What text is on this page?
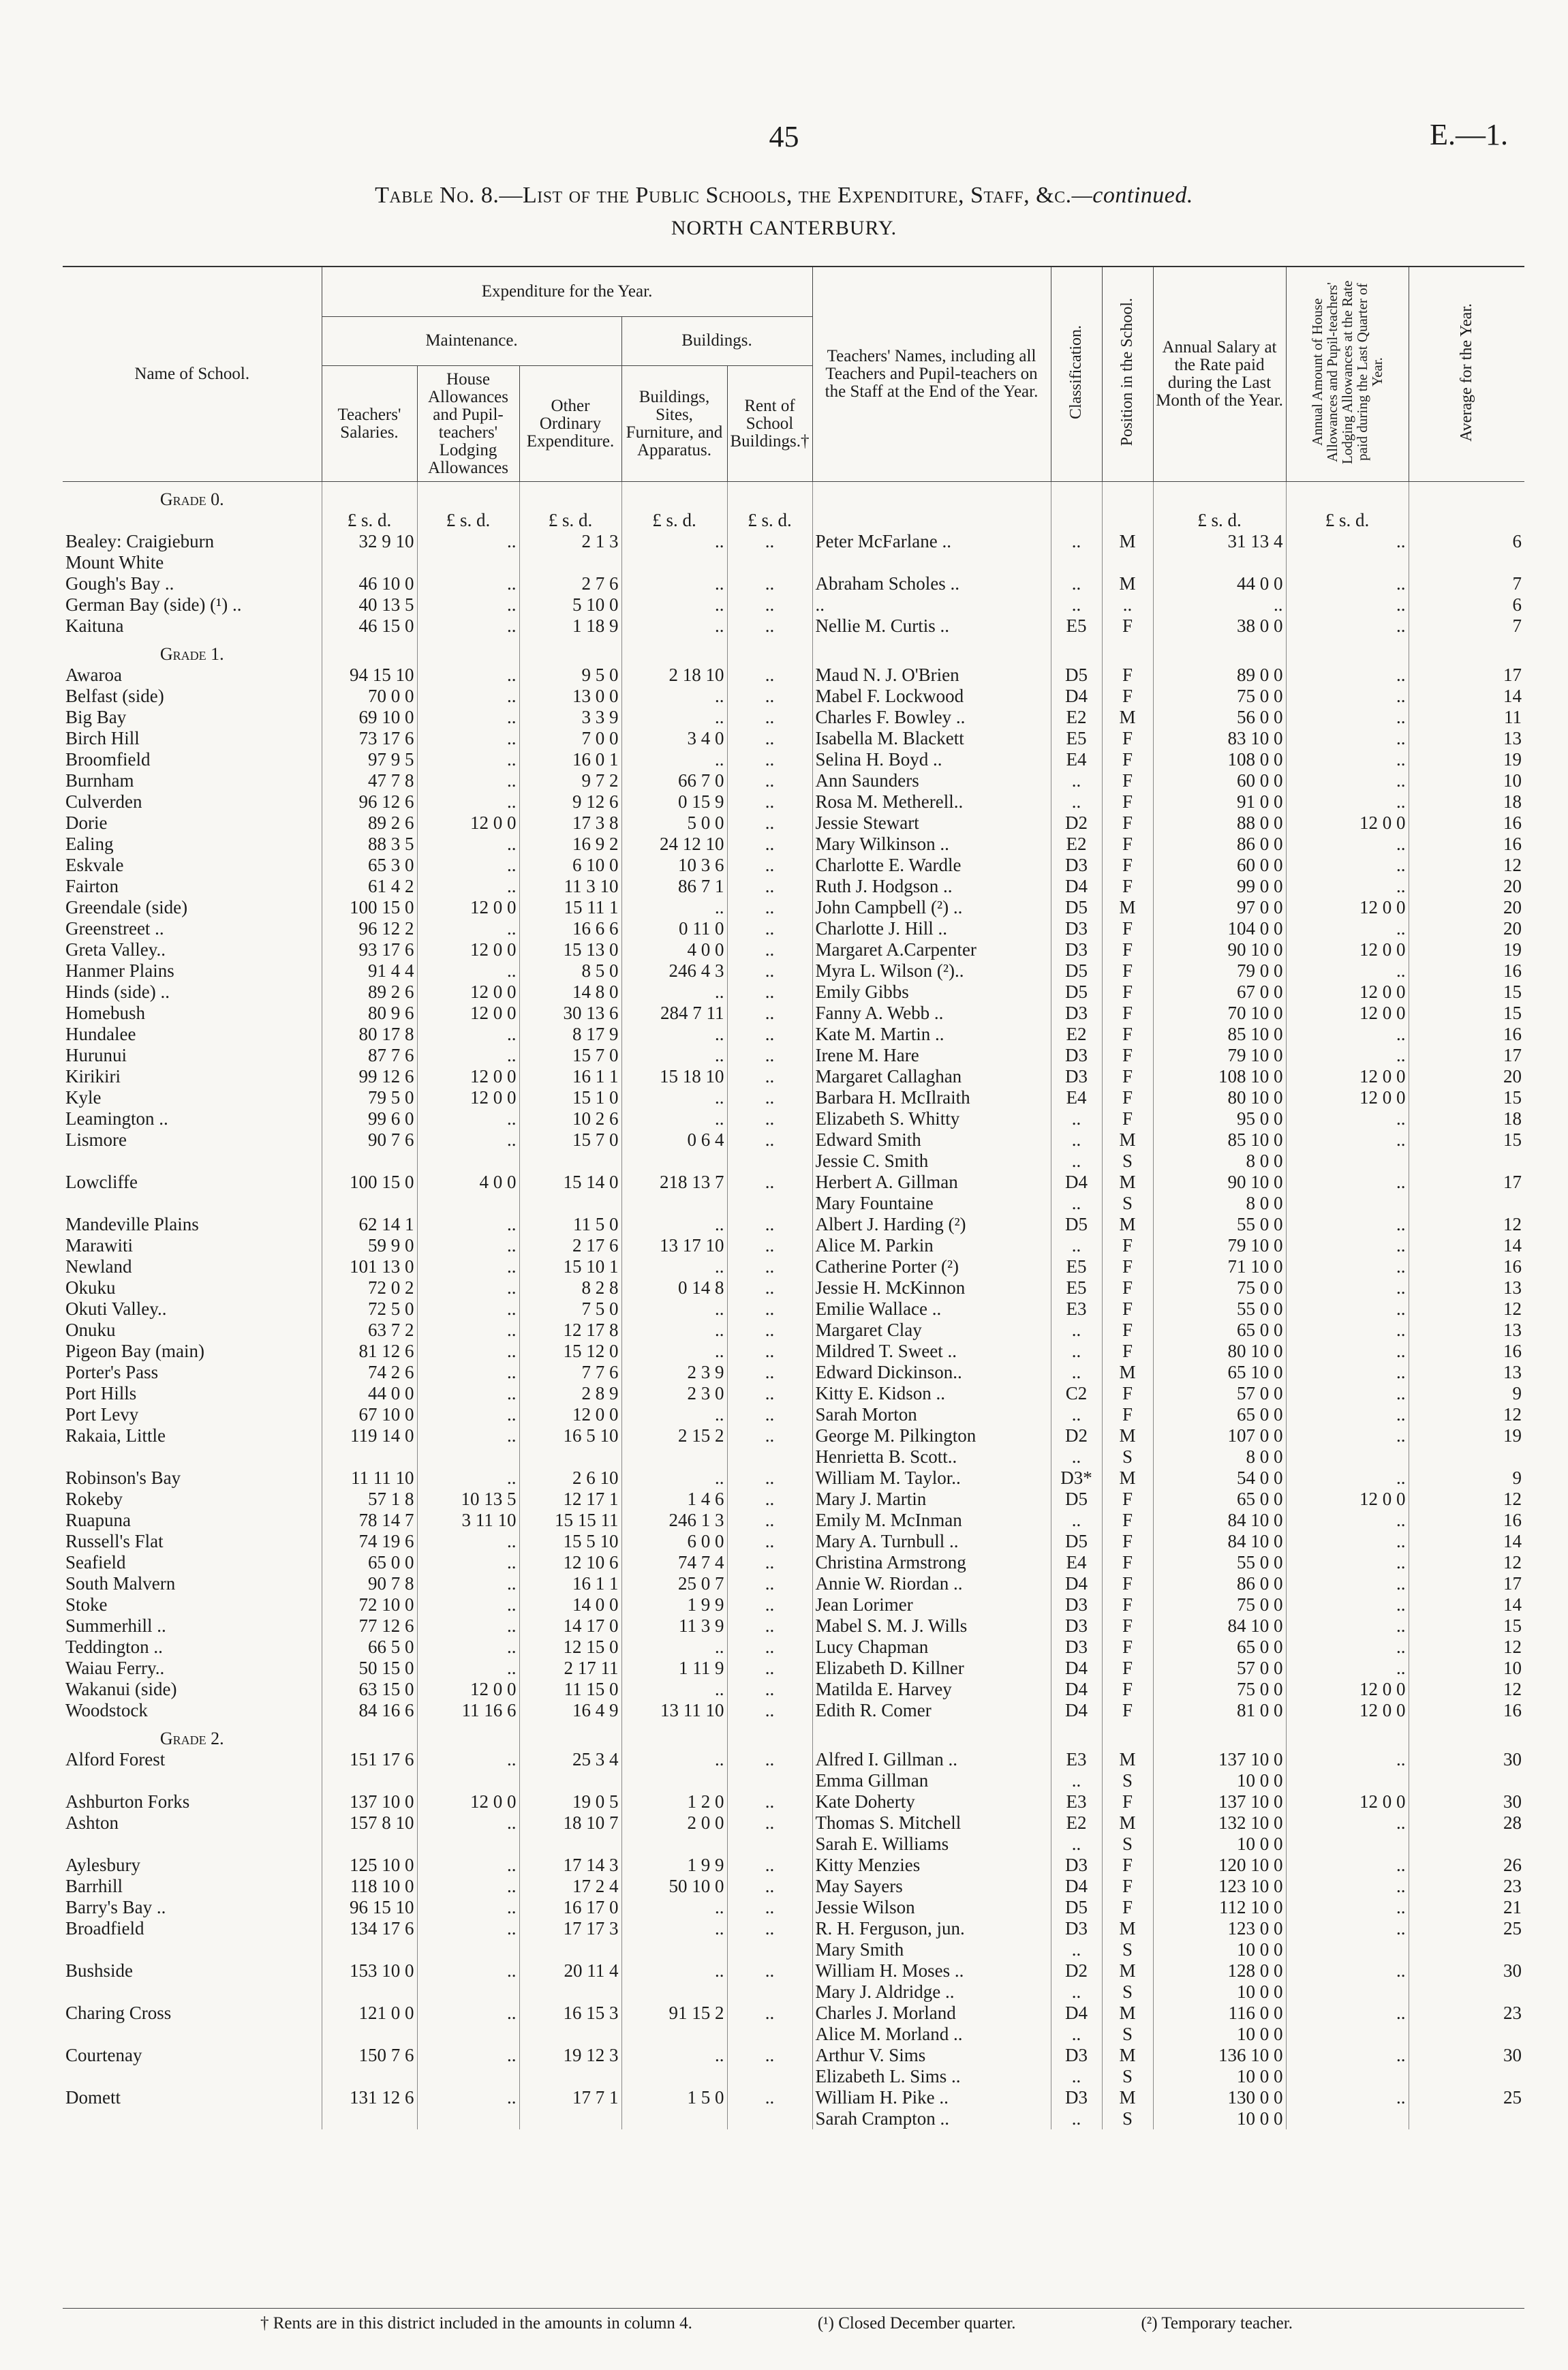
45	E.—1.
Table No. 8.—List of the Public Schools, the Expenditure, Staff, &c.—continued.
NORTH CANTERBURY.
Name of School.	Expenditure for the Year.					Teachers' Names, including all Teachers and Pupil-teachers on the Staff at the End of the Year.	Classification.	Position in the School.	Annual Salary at the Rate paid during the Last Month of the Year.	Annual Amount of House Allowances and Pupil-teachers' Lodging Allowances at the Rate paid during the Last Quarter of Year.	Average for the Year.
	Maintenance.			Buildings.							
	Teachers' Salaries.	House Allowances and Pupil-teachers' Lodging Allowances	Other Ordinary Expenditure.	Buildings, Sites, Furniture, and Apparatus.	Rent of School Buildings.†						
Grade 0.											
	£ s. d.	£ s. d.	£ s. d.	£ s. d.	£ s. d.				£ s. d.	£ s. d.	
Bealey: Craigieburn	32 9 10	..	2 1 3	..	..	Peter McFarlane ..	..	M	31 13 4	..	6
Mount White											
Gough's Bay ..	46 10 0	..	2 7 6	..	..	Abraham Scholes ..	..	M	44 0 0	..	7
German Bay (side) (¹) ..	40 13 5	..	5 10 0	..	..	..	..	..	..	..	6
Kaituna	46 15 0	..	1 18 9	..	..	Nellie M. Curtis ..	E5	F	38 0 0	..	7
Grade 1.											
Awaroa	94 15 10	..	9 5 0	2 18 10	..	Maud N. J. O'Brien	D5	F	89 0 0	..	17
Belfast (side)	70 0 0	..	13 0 0	..	..	Mabel F. Lockwood	D4	F	75 0 0	..	14
Big Bay	69 10 0	..	3 3 9	..	..	Charles F. Bowley ..	E2	M	56 0 0	..	11
Birch Hill	73 17 6	..	7 0 0	3 4 0	..	Isabella M. Blackett	E5	F	83 10 0	..	13
Broomfield	97 9 5	..	16 0 1	..	..	Selina H. Boyd ..	E4	F	108 0 0	..	19
Burnham	47 7 8	..	9 7 2	66 7 0	..	Ann Saunders	..	F	60 0 0	..	10
Culverden	96 12 6	..	9 12 6	0 15 9	..	Rosa M. Metherell..	..	F	91 0 0	..	18
Dorie	89 2 6	12 0 0	17 3 8	5 0 0	..	Jessie Stewart	D2	F	88 0 0	12 0 0	16
Ealing	88 3 5	..	16 9 2	24 12 10	..	Mary Wilkinson ..	E2	F	86 0 0	..	16
Eskvale	65 3 0	..	6 10 0	10 3 6	..	Charlotte E. Wardle	D3	F	60 0 0	..	12
Fairton	61 4 2	..	11 3 10	86 7 1	..	Ruth J. Hodgson ..	D4	F	99 0 0	..	20
Greendale (side)	100 15 0	12 0 0	15 11 1	..	..	John Campbell (²) ..	D5	M	97 0 0	12 0 0	20
Greenstreet ..	96 12 2	..	16 6 6	0 11 0	..	Charlotte J. Hill ..	D3	F	104 0 0	..	20
Greta Valley..	93 17 6	12 0 0	15 13 0	4 0 0	..	Margaret A.Carpenter	D3	F	90 10 0	12 0 0	19
Hanmer Plains	91 4 4	..	8 5 0	246 4 3	..	Myra L. Wilson (²)..	D5	F	79 0 0	..	16
Hinds (side) ..	89 2 6	12 0 0	14 8 0	..	..	Emily Gibbs	D5	F	67 0 0	12 0 0	15
Homebush	80 9 6	12 0 0	30 13 6	284 7 11	..	Fanny A. Webb ..	D3	F	70 10 0	12 0 0	15
Hundalee	80 17 8	..	8 17 9	..	..	Kate M. Martin ..	E2	F	85 10 0	..	16
Hurunui	87 7 6	..	15 7 0	..	..	Irene M. Hare	D3	F	79 10 0	..	17
Kirikiri	99 12 6	12 0 0	16 1 1	15 18 10	..	Margaret Callaghan	D3	F	108 10 0	12 0 0	20
Kyle	79 5 0	12 0 0	15 1 0	..	..	Barbara H. McIlraith	E4	F	80 10 0	12 0 0	15
Leamington ..	99 6 0	..	10 2 6	..	..	Elizabeth S. Whitty	..	F	95 0 0	..	18
Lismore	90 7 6	..	15 7 0	0 6 4	..	Edward Smith	..	M	85 10 0	..	15
						Jessie C. Smith	..	S	8 0 0		
Lowcliffe	100 15 0	4 0 0	15 14 0	218 13 7	..	Herbert A. Gillman	D4	M	90 10 0	..	17
						Mary Fountaine	..	S	8 0 0		
Mandeville Plains	62 14 1	..	11 5 0	..	..	Albert J. Harding (²)	D5	M	55 0 0	..	12
Marawiti	59 9 0	..	2 17 6	13 17 10	..	Alice M. Parkin	..	F	79 10 0	..	14
Newland	101 13 0	..	15 10 1	..	..	Catherine Porter (²)	E5	F	71 10 0	..	16
Okuku	72 0 2	..	8 2 8	0 14 8	..	Jessie H. McKinnon	E5	F	75 0 0	..	13
Okuti Valley..	72 5 0	..	7 5 0	..	..	Emilie Wallace ..	E3	F	55 0 0	..	12
Onuku	63 7 2	..	12 17 8	..	..	Margaret Clay	..	F	65 0 0	..	13
Pigeon Bay (main)	81 12 6	..	15 12 0	..	..	Mildred T. Sweet ..	..	F	80 10 0	..	16
Porter's Pass	74 2 6	..	7 7 6	2 3 9	..	Edward Dickinson..	..	M	65 10 0	..	13
Port Hills	44 0 0	..	2 8 9	2 3 0	..	Kitty E. Kidson ..	C2	F	57 0 0	..	9
Port Levy	67 10 0	..	12 0 0	..	..	Sarah Morton	..	F	65 0 0	..	12
Rakaia, Little	119 14 0	..	16 5 10	2 15 2	..	George M. Pilkington	D2	M	107 0 0	..	19
						Henrietta B. Scott..	..	S	8 0 0		
Robinson's Bay	11 11 10	..	2 6 10	..	..	William M. Taylor..	D3*	M	54 0 0	..	9
Rokeby	57 1 8	10 13 5	12 17 1	1 4 6	..	Mary J. Martin	D5	F	65 0 0	12 0 0	12
Ruapuna	78 14 7	3 11 10	15 15 11	246 1 3	..	Emily M. McInman	..	F	84 10 0	..	16
Russell's Flat	74 19 6	..	15 5 10	6 0 0	..	Mary A. Turnbull ..	D5	F	84 10 0	..	14
Seafield	65 0 0	..	12 10 6	74 7 4	..	Christina Armstrong	E4	F	55 0 0	..	12
South Malvern	90 7 8	..	16 1 1	25 0 7	..	Annie W. Riordan ..	D4	F	86 0 0	..	17
Stoke	72 10 0	..	14 0 0	1 9 9	..	Jean Lorimer	D3	F	75 0 0	..	14
Summerhill ..	77 12 6	..	14 17 0	11 3 9	..	Mabel S. M. J. Wills	D3	F	84 10 0	..	15
Teddington ..	66 5 0	..	12 15 0	..	..	Lucy Chapman	D3	F	65 0 0	..	12
Waiau Ferry..	50 15 0	..	2 17 11	1 11 9	..	Elizabeth D. Killner	D4	F	57 0 0	..	10
Wakanui (side)	63 15 0	12 0 0	11 15 0	..	..	Matilda E. Harvey	D4	F	75 0 0	12 0 0	12
Woodstock	84 16 6	11 16 6	16 4 9	13 11 10	..	Edith R. Comer	D4	F	81 0 0	12 0 0	16
Grade 2.											
Alford Forest	151 17 6	..	25 3 4	..	..	Alfred I. Gillman ..	E3	M	137 10 0	..	30
						Emma Gillman	..	S	10 0 0		
Ashburton Forks	137 10 0	12 0 0	19 0 5	1 2 0	..	Kate Doherty	E3	F	137 10 0	12 0 0	30
Ashton	157 8 10	..	18 10 7	2 0 0	..	Thomas S. Mitchell	E2	M	132 10 0	..	28
						Sarah E. Williams	..	S	10 0 0		
Aylesbury	125 10 0	..	17 14 3	1 9 9	..	Kitty Menzies	D3	F	120 10 0	..	26
Barrhill	118 10 0	..	17 2 4	50 10 0	..	May Sayers	D4	F	123 10 0	..	23
Barry's Bay ..	96 15 10	..	16 17 0	..	..	Jessie Wilson	D5	F	112 10 0	..	21
Broadfield	134 17 6	..	17 17 3	..	..	R. H. Ferguson, jun.	D3	M	123 0 0	..	25
						Mary Smith	..	S	10 0 0		
Bushside	153 10 0	..	20 11 4	..	..	William H. Moses ..	D2	M	128 0 0	..	30
						Mary J. Aldridge ..	..	S	10 0 0		
Charing Cross	121 0 0	..	16 15 3	91 15 2	..	Charles J. Morland	D4	M	116 0 0	..	23
						Alice M. Morland ..	..	S	10 0 0		
Courtenay	150 7 6	..	19 12 3	..	..	Arthur V. Sims	D3	M	136 10 0	..	30
						Elizabeth L. Sims ..	..	S	10 0 0		
Domett	131 12 6	..	17 7 1	1 5 0	..	William H. Pike ..	D3	M	130 0 0	..	25
						Sarah Crampton ..	..	S	10 0 0		
† Rents are in this district included in the amounts in column 4.	(¹) Closed December quarter.	(²) Temporary teacher.
